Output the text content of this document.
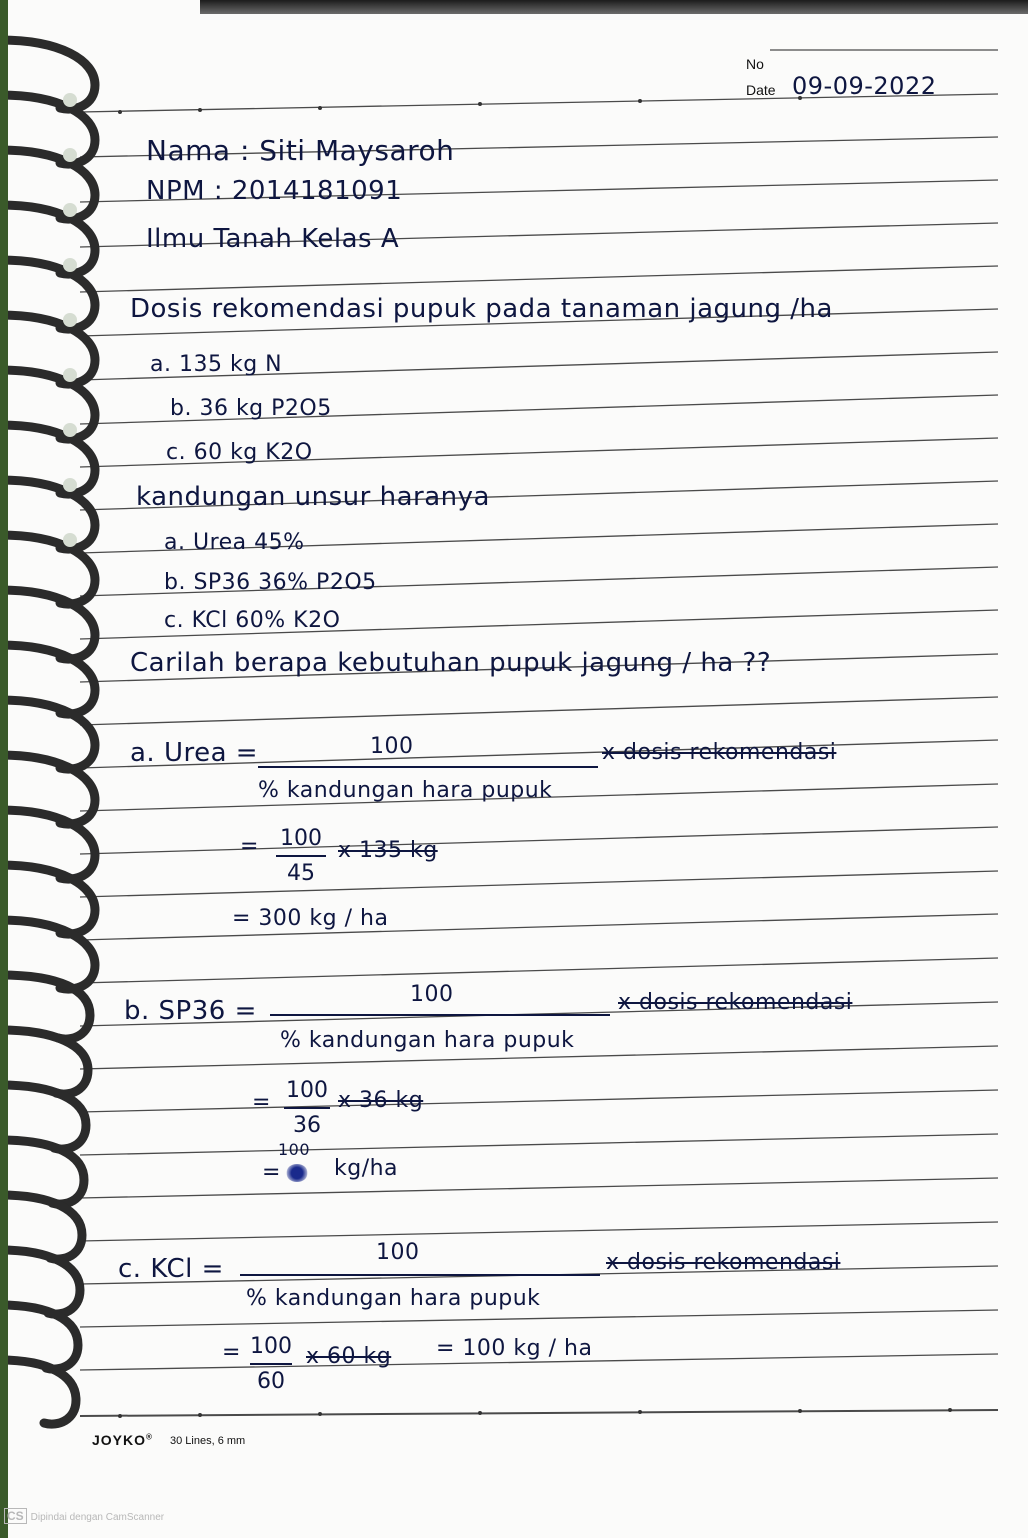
No
Date 09-09-2022
Nama : Siti Maysaroh
NPM : 2014181091
Ilmu Tanah Kelas A
Dosis rekomendasi pupuk pada tanaman jagung /ha
a. 135 kg N
b. 36 kg P2O5
c. 60 kg K2O
kandungan unsur haranya
a. Urea 45%
b. SP36 36% P2O5
c. KCl 60% K2O
Carilah berapa kebutuhan pupuk jagung / ha ??
a. Urea =	100
% kandungan hara pupuk
x dosis rekomendasi
= 100
45
x 135 kg
= 300 kg / ha
b. SP36 =
100
% kandungan hara pupuk
x dosis rekomendasi
= 100
36
x 36 kg
=
100
kg/ha
c. KCl =
100
% kandungan hara pupuk
x dosis rekomendasi
= 100
60
x 60 kg = 100 kg / ha
JOYKO® 30 Lines, 6 mm
CS Dipindai dengan CamScanner
